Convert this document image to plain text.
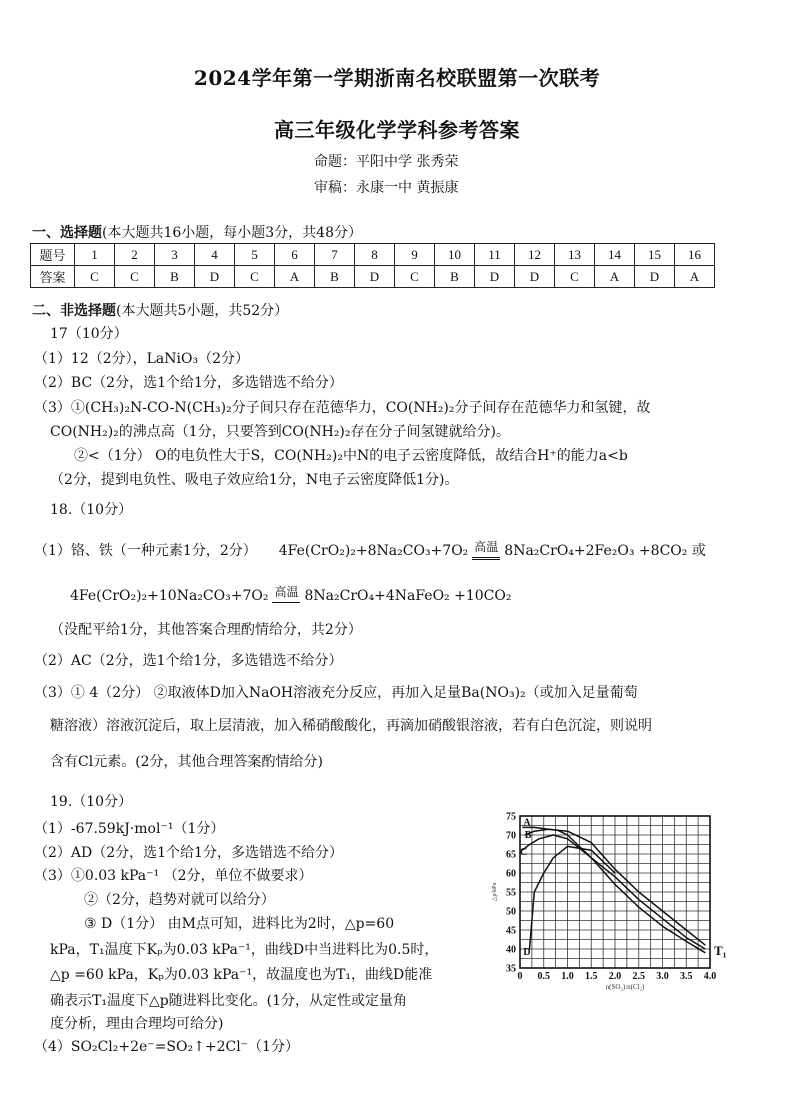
2024学年第一学期浙南名校联盟第一次联考
高三年级化学学科参考答案
命题：平阳中学 张秀荣
审稿：永康一中 黄振康
一、选择题(本大题共16小题，每小题3分，共48分）
题号	1	2	3	4	5	6	7	8	9	10	11	12	13	14	15	16
答案	C	C	B	D	C	A	B	D	C	B	D	D	C	A	D	A
二、非选择题(本大题共5小题，共52分）
17（10分）
（1）12（2分），LaNiO₃（2分）
（2）BC（2分，选1个给1分，多选错选不给分）
（3）①(CH₃)₂N-CO-N(CH₃)₂分子间只存在范德华力，CO(NH₂)₂分子间存在范德华力和氢键，故
CO(NH₂)₂的沸点高（1分，只要答到CO(NH₂)₂存在分子间氢键就给分)。
②<（1分） O的电负性大于S，CO(NH₂)₂中N的电子云密度降低，故结合H⁺的能力a<b
（2分，提到电负性、吸电子效应给1分，N电子云密度降低1分)。
18.（10分）
（1）铬、铁（一种元素1分，2分） 4Fe(CrO₂)₂+8Na₂CO₃+7O₂ 高温 8Na₂CrO₄+2Fe₂O₃ +8CO₂ 或
4Fe(CrO₂)₂+10Na₂CO₃+7O₂ 高温 8Na₂CrO₄+4NaFeO₂ +10CO₂
（没配平给1分，其他答案合理酌情给分，共2分）
（2）AC（2分，选1个给1分，多选错选不给分）
（3）① 4（2分） ②取液体D加入NaOH溶液充分反应，再加入足量Ba(NO₃)₂（或加入足量葡萄
糖溶液）溶液沉淀后，取上层清液，加入稀硝酸酸化，再滴加硝酸银溶液，若有白色沉淀，则说明
含有Cl元素。(2分，其他合理答案酌情给分)
19.（10分）
（1）-67.59kJ·mol⁻¹（1分）
（2）AD（2分，选1个给1分，多选错选不给分）
（3）①0.03 kPa⁻¹ （2分，单位不做要求）
②（2分，趋势对就可以给分）
③ D（1分） 由M点可知，进料比为2时，△p=60
kPa，T₁温度下Kₚ为0.03 kPa⁻¹，曲线D中当进料比为0.5时，
△p =60 kPa，Kₚ为0.03 kPa⁻¹，故温度也为T₁，曲线D能准
确表示T₁温度下△p随进料比变化。(1分，从定性或定量角
度分析，理由合理均可给分)
（4）SO₂Cl₂+2e⁻=SO₂↑+2Cl⁻（1分）
0 0.5 1.0 1.5 2.0 2.5 3.0 3.5 4.0
35
40
45
50
55
60
65
70
75
n(SO₂):n(Cl₂)
△p/kPa
A
B
C
D	T₁
